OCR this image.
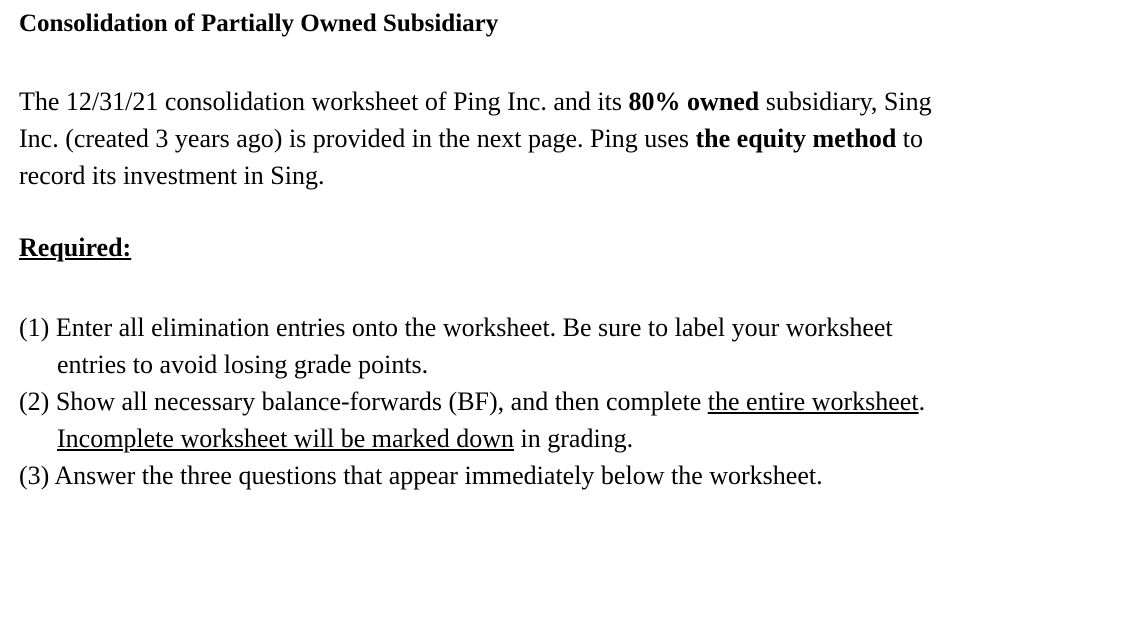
Consolidation of Partially Owned Subsidiary

The 12/31/21 consolidation worksheet of Ping Inc. and its 80% owned subsidiary, Sing
Inc. (created 3 years ago) is provided in the next page. Ping uses the equity method to
record its investment in Sing.

Required:
(1) Enter all elimination entries onto the worksheet. Be sure to label your worksheet
entries to avoid losing grade points.
(2) Show all necessary balance-forwards (BF), and then complete the entire worksheet.
Incomplete worksheet will be marked down in grading.
(3) Answer the three questions that appear immediately below the worksheet.
